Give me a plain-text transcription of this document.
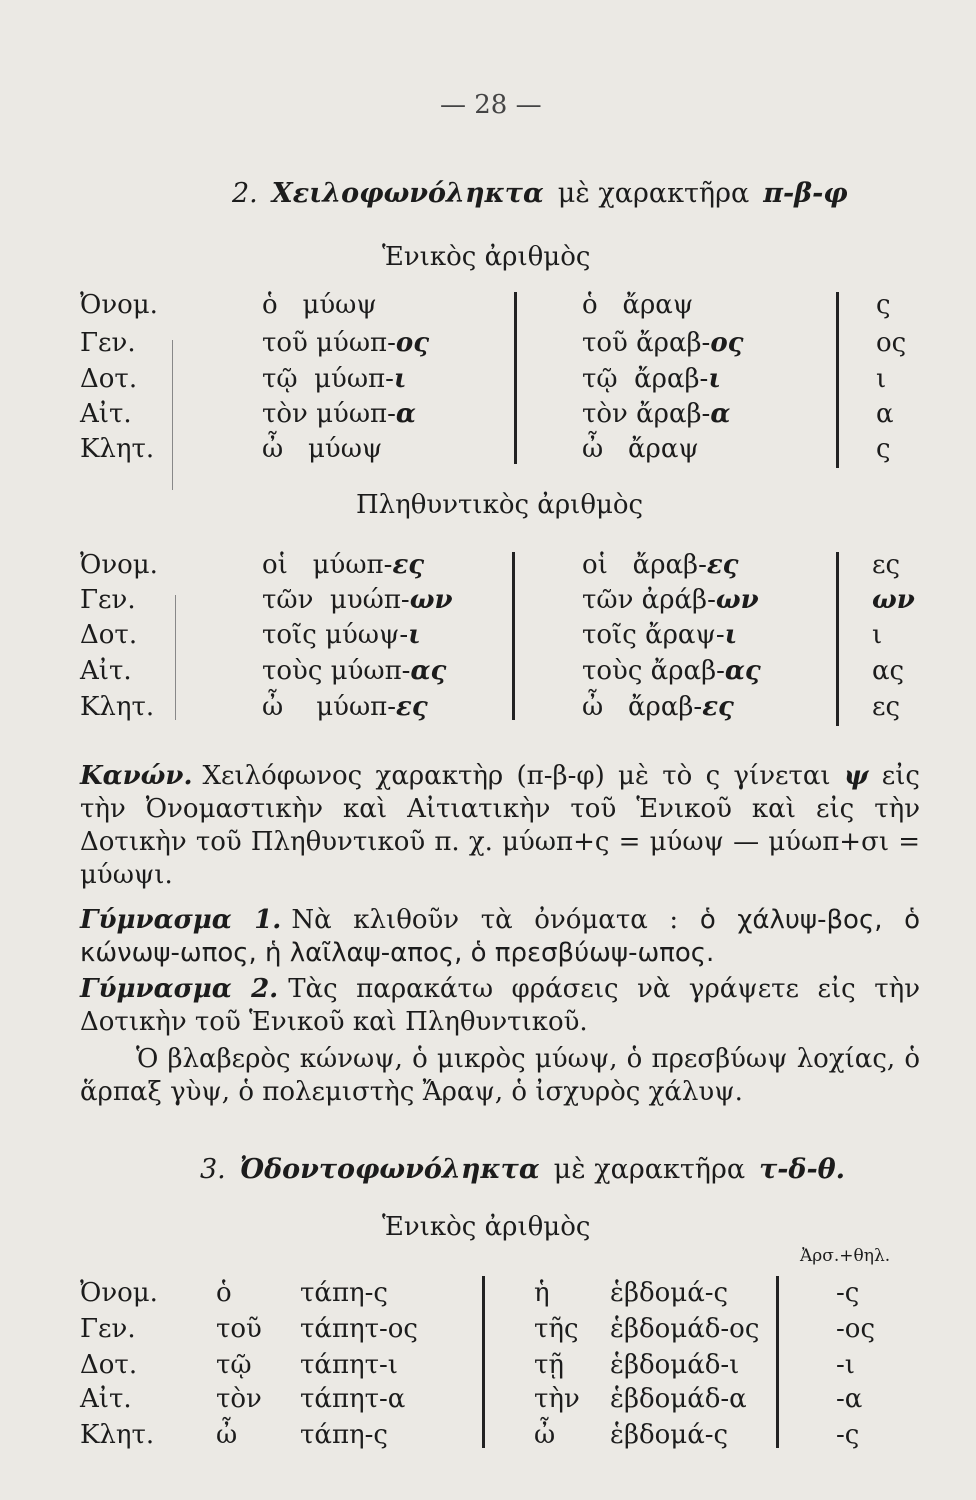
— 28 —
2. Χειλοφωνόληκτα μὲ χαρακτῆρα π-β-φ
Ἑνικὸς ἀριθμὸς
Ὀνομ.
Γεν.
Δοτ.
Αἰτ.
Κλητ.
ὁ μύωψ
τοῦ μύωπ-ος
τῷ μύωπ-ι
τὸν μύωπ-α
ὦ μύωψ
ὁ ἄραψ
τοῦ ἄραβ-ος
τῷ ἄραβ-ι
τὸν ἄραβ-α
ὦ ἄραψ
ς
ος
ι
α
ς
Πληθυντικὸς ἀριθμὸς
Ὀνομ.
Γεν.
Δοτ.
Αἰτ.
Κλητ.
οἱ μύωπ-ες
τῶν μυώπ-ων
τοῖς μύωψ-ι
τοὺς μύωπ-ας
ὦ μύωπ-ες
οἱ ἄραβ-ες
τῶν ἀράβ-ων
τοῖς ἄραψ-ι
τοὺς ἄραβ-ας
ὦ ἄραβ-ες
ες
ων
ι
ας
ες
Κανών. Χειλόφωνος χαρακτὴρ (π-β-φ) μὲ τὸ ς γίνεται ψ εἰς τὴν Ὀνομαστικὴν καὶ Αἰτιατικὴν τοῦ Ἑνικοῦ καὶ εἰς τὴν Δοτικὴν τοῦ Πληθυντικοῦ π. χ. μύωπ+ς = μύωψ — μύωπ+σι = μύωψι.
Γύμνασμα 1. Νὰ κλιθοῦν τὰ ὀνόματα : ὁ χάλυψ-βος, ὁ κώνωψ-ωπος, ἡ λαῖλαψ-απος, ὁ πρεσβύωψ-ωπος.
Γύμνασμα 2. Τὰς παρακάτω φράσεις νὰ γράψετε εἰς τὴν Δοτικὴν τοῦ Ἑνικοῦ καὶ Πληθυντικοῦ.
Ὁ βλαβερὸς κώνωψ, ὁ μικρὸς μύωψ, ὁ πρεσβύωψ λοχίας, ὁ ἅρπαξ γὺψ, ὁ πολεμιστὴς Ἄραψ, ὁ ἰσχυρὸς χάλυψ.
3. Ὀδοντοφωνόληκτα μὲ χαρακτῆρα τ-δ-θ.
Ἑνικὸς ἀριθμὸς
Ἀρσ.+θηλ.
Ὀνομ.
Γεν.
Δοτ.
Αἰτ.
Κλητ.
ὁ
τοῦ
τῷ
τὸν
ὦ
τάπη-ς
τάπητ-ος
τάπητ-ι
τάπητ-α
τάπη-ς
ἡ
τῆς
τῇ
τὴν
ὦ
ἑβδομά-ς
ἑβδομάδ-ος
ἑβδομάδ-ι
ἑβδομάδ-α
ἑβδομά-ς
-ς
-ος
-ι
-α
-ς
